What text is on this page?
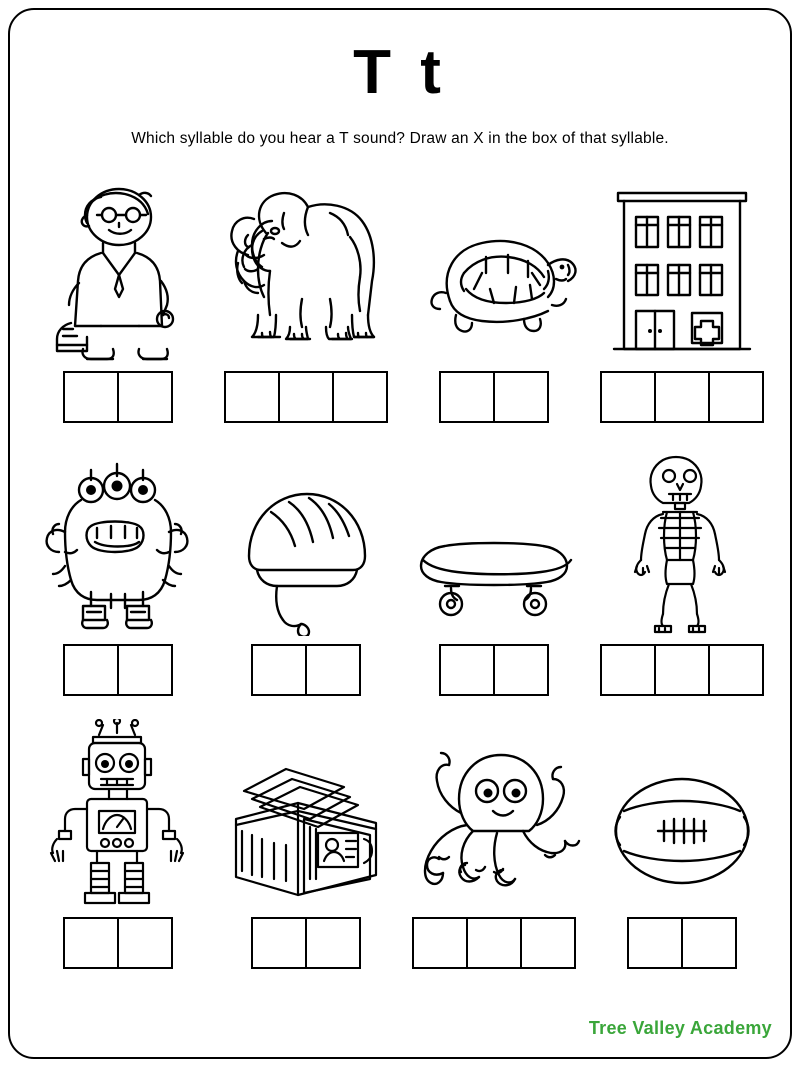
T t
Which syllable do you hear a T sound? Draw an X in the box of that syllable.
Tree Valley Academy
